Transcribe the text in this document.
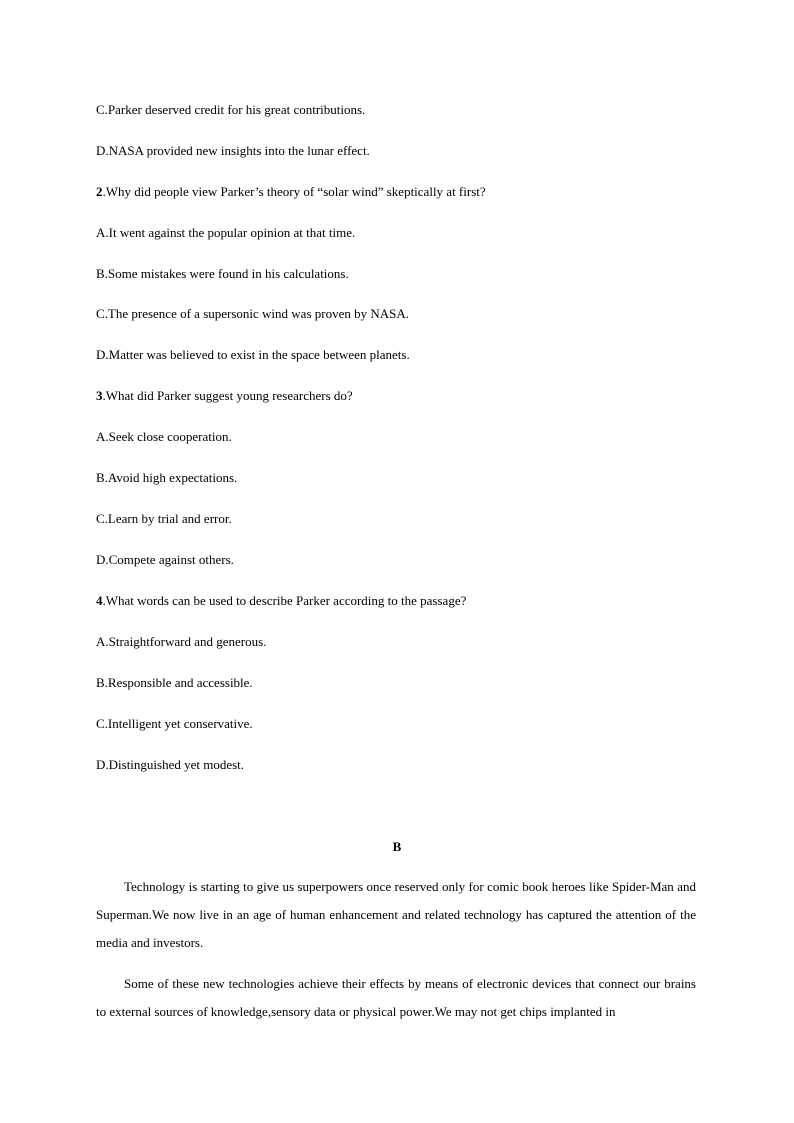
C.Parker deserved credit for his great contributions.
D.NASA provided new insights into the lunar effect.
2.Why did people view Parker’s theory of “solar wind” skeptically at first?
A.It went against the popular opinion at that time.
B.Some mistakes were found in his calculations.
C.The presence of a supersonic wind was proven by NASA.
D.Matter was believed to exist in the space between planets.
3.What did Parker suggest young researchers do?
A.Seek close cooperation.
B.Avoid high expectations.
C.Learn by trial and error.
D.Compete against others.
4.What words can be used to describe Parker according to the passage?
A.Straightforward and generous.
B.Responsible and accessible.
C.Intelligent yet conservative.
D.Distinguished yet modest.
B

Technology is starting to give us superpowers once reserved only for comic book heroes like Spider-Man and Superman.We now live in an age of human enhancement and related technology has captured the attention of the media and investors.

Some of these new technologies achieve their effects by means of electronic devices that connect our brains to external sources of knowledge,sensory data or physical power.We may not get chips implanted in
